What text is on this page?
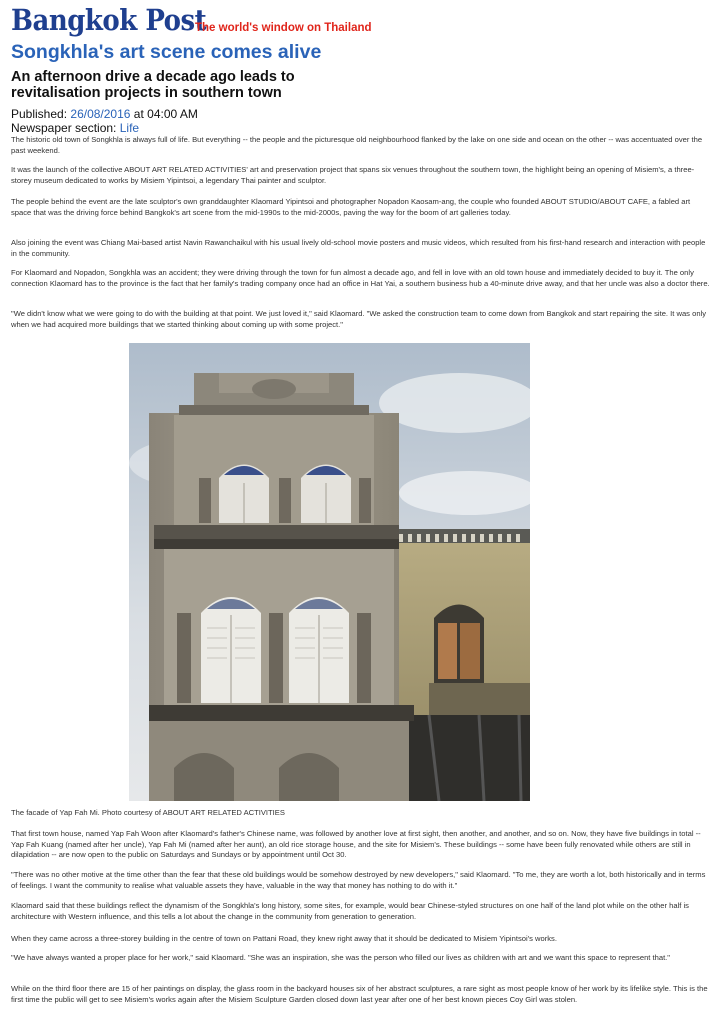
Bangkok Post
The world's window on Thailand
Songkhla's art scene comes alive
An afternoon drive a decade ago leads to revitalisation projects in southern town
Published: 26/08/2016 at 04:00 AM
Newspaper section: Life

The historic old town of Songkhla is always full of life. But everything -- the people and the picturesque old neighbourhood flanked by the lake on one side and ocean on the other -- was accentuated over the past weekend.

It was the launch of the collective ABOUT ART RELATED ACTIVITIES' art and preservation project that spans six venues throughout the southern town, the highlight being an opening of Misiem's, a three-storey museum dedicated to works by Misiem Yipintsoi, a legendary Thai painter and sculptor.

The people behind the event are the late sculptor's own granddaughter Klaomard Yipintsoi and photographer Nopadon Kaosam-ang, the couple who founded ABOUT STUDIO/ABOUT CAFE, a fabled art space that was the driving force behind Bangkok's art scene from the mid-1990s to the mid-2000s, paving the way for the boom of art galleries today.

Also joining the event was Chiang Mai-based artist Navin Rawanchaikul with his usual lively old-school movie posters and music videos, which resulted from his first-hand research and interaction with people in the community.

For Klaomard and Nopadon, Songkhla was an accident; they were driving through the town for fun almost a decade ago, and fell in love with an old town house and immediately decided to buy it. The only connection Klaomard has to the province is the fact that her family's trading company once had an office in Hat Yai, a southern business hub a 40-minute drive away, and that her uncle was also a doctor there.

"We didn't know what we were going to do with the building at that point. We just loved it," said Klaomard. "We asked the construction team to come down from Bangkok and start repairing the site. It was only when we had acquired more buildings that we started thinking about coming up with some project."

The facade of Yap Fah Mi. Photo courtesy of ABOUT ART RELATED ACTIVITIES

That first town house, named Yap Fah Woon after Klaomard's father's Chinese name, was followed by another love at first sight, then another, and another, and so on. Now, they have five buildings in total -- Yap Fah Kuang (named after her uncle), Yap Fah Mi (named after her aunt), an old rice storage house, and the site for Misiem's. These buildings -- some have been fully renovated while others are still in dilapidation -- are now open to the public on Saturdays and Sundays or by appointment until Oct 30.

"There was no other motive at the time other than the fear that these old buildings would be somehow destroyed by new developers," said Klaomard. "To me, they are worth a lot, both historically and in terms of feelings. I want the community to realise what valuable assets they have, valuable in the way that money has nothing to do with it."

Klaomard said that these buildings reflect the dynamism of the Songkhla's long history, some sites, for example, would bear Chinese-styled structures on one half of the land plot while on the other half is architecture with Western influence, and this tells a lot about the change in the community from generation to generation.

When they came across a three-storey building in the centre of town on Pattani Road, they knew right away that it should be dedicated to Misiem Yipintsoi's works.

"We have always wanted a proper place for her work," said Klaomard. "She was an inspiration, she was the person who filled our lives as children with art and we want this space to represent that."

While on the third floor there are 15 of her paintings on display, the glass room in the backyard houses six of her abstract sculptures, a rare sight as most people know of her work by its lifelike style. This is the first time the public will get to see Misiem's works again after the Misiem Sculpture Garden closed down last year after one of her best known pieces Coy Girl was stolen.
